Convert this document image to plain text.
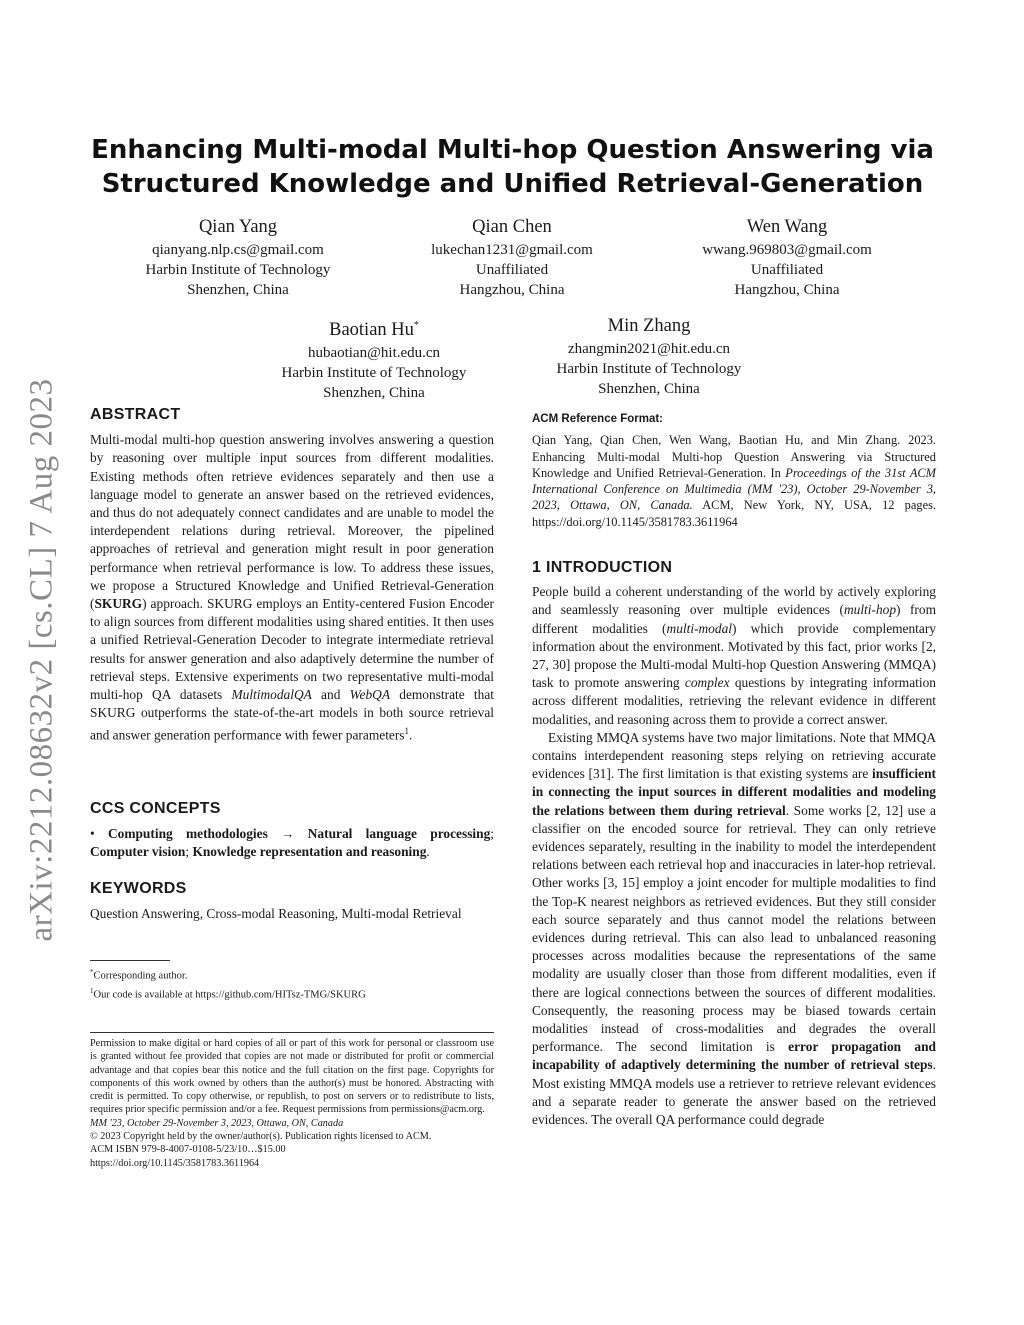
arXiv:2212.08632v2 [cs.CL] 7 Aug 2023
Enhancing Multi-modal Multi-hop Question Answering via Structured Knowledge and Unified Retrieval-Generation
Qian Yang
qianyang.nlp.cs@gmail.com
Harbin Institute of Technology
Shenzhen, China
Qian Chen
lukechan1231@gmail.com
Unaffiliated
Hangzhou, China
Wen Wang
wwang.969803@gmail.com
Unaffiliated
Hangzhou, China
Baotian Hu*
hubaotian@hit.edu.cn
Harbin Institute of Technology
Shenzhen, China
Min Zhang
zhangmin2021@hit.edu.cn
Harbin Institute of Technology
Shenzhen, China
ABSTRACT

Multi-modal multi-hop question answering involves answering a question by reasoning over multiple input sources from different modalities. Existing methods often retrieve evidences separately and then use a language model to generate an answer based on the retrieved evidences, and thus do not adequately connect candidates and are unable to model the interdependent relations during retrieval. Moreover, the pipelined approaches of retrieval and generation might result in poor generation performance when retrieval performance is low. To address these issues, we propose a Structured Knowledge and Unified Retrieval-Generation (SKURG) approach. SKURG employs an Entity-centered Fusion Encoder to align sources from different modalities using shared entities. It then uses a unified Retrieval-Generation Decoder to integrate intermediate retrieval results for answer generation and also adaptively determine the number of retrieval steps. Extensive experiments on two representative multi-modal multi-hop QA datasets MultimodalQA and WebQA demonstrate that SKURG outperforms the state-of-the-art models in both source retrieval and answer generation performance with fewer parameters$^1$.

CCS CONCEPTS

• Computing methodologies → Natural language processing; Computer vision; Knowledge representation and reasoning.

KEYWORDS

Question Answering, Cross-modal Reasoning, Multi-modal Retrieval

*Corresponding author.
$^1$Our code is available at https://github.com/HITsz-TMG/SKURG
Permission to make digital or hard copies of all or part of this work for personal or classroom use is granted without fee provided that copies are not made or distributed for profit or commercial advantage and that copies bear this notice and the full citation on the first page. Copyrights for components of this work owned by others than the author(s) must be honored. Abstracting with credit is permitted. To copy otherwise, or republish, to post on servers or to redistribute to lists, requires prior specific permission and/or a fee. Request permissions from permissions@acm.org.
MM '23, October 29-November 3, 2023, Ottawa, ON, Canada
© 2023 Copyright held by the owner/author(s). Publication rights licensed to ACM.
ACM ISBN 979-8-4007-0108-5/23/10…$15.00
https://doi.org/10.1145/3581783.3611964
ACM Reference Format:

Qian Yang, Qian Chen, Wen Wang, Baotian Hu, and Min Zhang. 2023. Enhancing Multi-modal Multi-hop Question Answering via Structured Knowledge and Unified Retrieval-Generation. In Proceedings of the 31st ACM International Conference on Multimedia (MM '23), October 29-November 3, 2023, Ottawa, ON, Canada. ACM, New York, NY, USA, 12 pages. https://doi.org/10.1145/3581783.3611964

1 INTRODUCTION

People build a coherent understanding of the world by actively exploring and seamlessly reasoning over multiple evidences (multi-hop) from different modalities (multi-modal) which provide complementary information about the environment. Motivated by this fact, prior works [2, 27, 30] propose the Multi-modal Multi-hop Question Answering (MMQA) task to promote answering complex questions by integrating information across different modalities, retrieving the relevant evidence in different modalities, and reasoning across them to provide a correct answer.

Existing MMQA systems have two major limitations. Note that MMQA contains interdependent reasoning steps relying on retrieving accurate evidences [31]. The first limitation is that existing systems are insufficient in connecting the input sources in different modalities and modeling the relations between them during retrieval. Some works [2, 12] use a classifier on the encoded source for retrieval. They can only retrieve evidences separately, resulting in the inability to model the interdependent relations between each retrieval hop and inaccuracies in later-hop retrieval. Other works [3, 15] employ a joint encoder for multiple modalities to find the Top-K nearest neighbors as retrieved evidences. But they still consider each source separately and thus cannot model the relations between evidences during retrieval. This can also lead to unbalanced reasoning processes across modalities because the representations of the same modality are usually closer than those from different modalities, even if there are logical connections between the sources of different modalities. Consequently, the reasoning process may be biased towards certain modalities instead of cross-modalities and degrades the overall performance. The second limitation is error propagation and incapability of adaptively determining the number of retrieval steps. Most existing MMQA models use a retriever to retrieve relevant evidences and a separate reader to generate the answer based on the retrieved evidences. The overall QA performance could degrade
